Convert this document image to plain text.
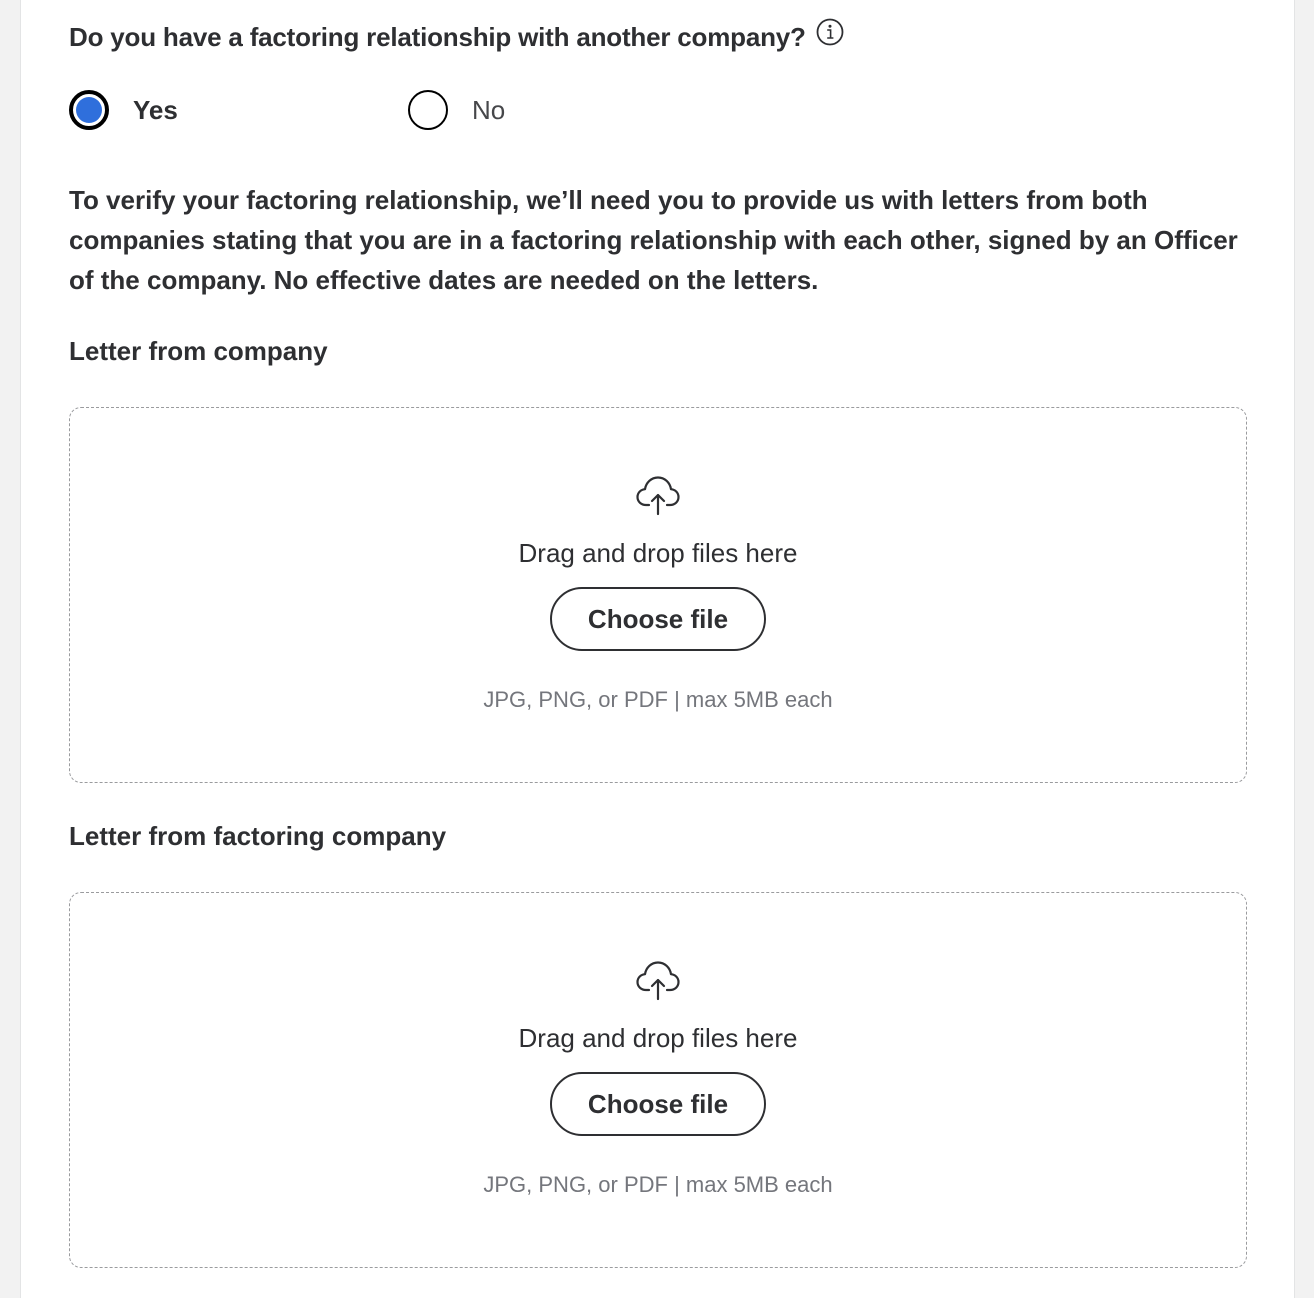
Do you have a factoring relationship with another company?
Yes	No

To verify your factoring relationship, we’ll need you to provide us with letters from both companies stating that you are in a factoring relationship with each other, signed by an Officer of the company. No effective dates are needed on the letters.

Letter from company
Drag and drop files here
Choose file
JPG, PNG, or PDF | max 5MB each
Letter from factoring company
Drag and drop files here
Choose file
JPG, PNG, or PDF | max 5MB each
